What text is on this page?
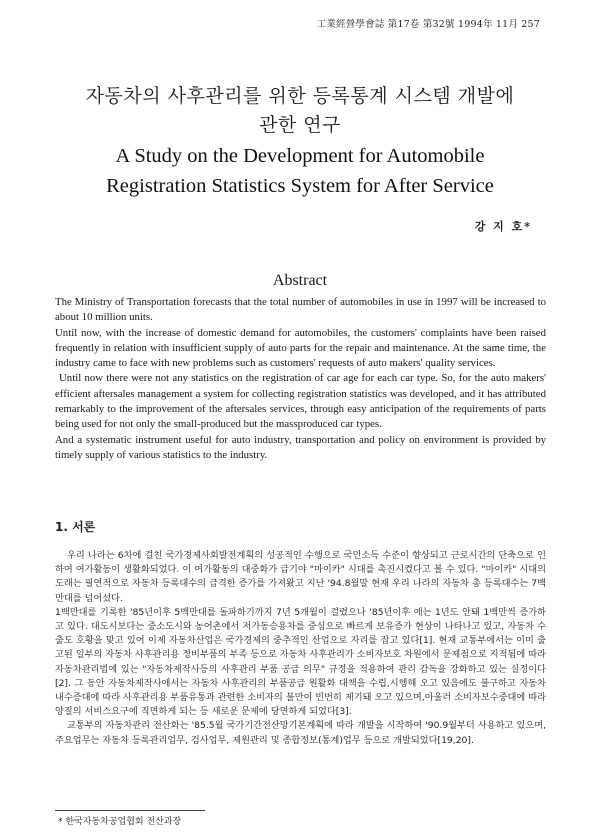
工業經營學會誌 第17卷 第32號 1994年 11月 257
자동차의 사후관리를 위한 등록통계 시스템 개발에
관한 연구
A Study on the Development for Automobile
Registration Statistics System for After Service
강 지 호*
Abstract

The Ministry of Transportation forecasts that the total number of automobiles in use in 1997 will be increased to about 10 million units.

Until now, with the increase of domestic demand for automobiles, the customers' complaints have been raised frequently in relation with insufficient supply of auto parts for the repair and maintenance. At the same time, the industry came to face with new problems such as customers' requests of auto makers' quality services.

Until now there were not any statistics on the registration of car age for each car type. So, for the auto makers' efficient aftersales management a system for collecting registration statistics was developed, and it has attributed remarkably to the improvement of the aftersales services, through easy anticipation of the requirements of parts being used for not only the small-produced but the massproduced car types.

And a systematic instrument useful for auto industry, transportation and policy on environment is provided by timely supply of various statistics to the industry.

1. 서론

우리 나라는 6차에 걸친 국가경제사회발전계획의 성공적인 수행으로 국민소득 수준이 향상되고 근로시간의 단축으로 인하여 여가활동이 생활화되었다. 이 여가활동의 대중화가 급기야 "마이카" 시대를 촉진시켰다고 볼 수 있다. "마이카" 시대의 도래는 필연적으로 자동차 등록대수의 급격한 증가를 가져왔고 지난 '94.8월말 현재 우리 나라의 자동차 총 등록대수는 7백만대를 넘어섰다.

1백만대를 기록한 '85년이후 5백만대를 돌파하기까지 7년 5개월이 걸렸으나 '85년이후 에는 1년도 안돼 1백만씩 증가하고 있다. 대도시보다는 중소도시와 농어촌에서 저가동승용차를 중심으로 빠르게 보유증가 현상이 나타나고 있고, 자동차 수출도 호황을 맞고 있어 이제 자동차산업은 국가경제의 중추적인 산업으로 자리를 잡고 있다[1]. 현재 교통부에서는 이미 출고된 일부의 자동차 사후관리용 정비부품의 부족 등으로 자동차 사후관리가 소비자보호 차원에서 문제점으로 지적됨에 따라 자동차관리법에 있는 "자동차제작사등의 사후관리 부품 공급 의무" 규정을 적용하여 관리 감독을 강화하고 있는 실정이다[2]. 그 동안 자동차제작사에서는 자동차 사후관리의 부품공급 원활화 대책을 수립,시행해 오고 있음에도 불구하고 자동차 내수증대에 따라 사후관리용 부품유통과 관련한 소비자의 불만이 빈번히 제기돼 오고 있으며,아울러 소비자보수중대에 따라 양질의 서비스요구에 직면하게 되는 등 새로운 문제에 당면하게 되었다[3].

교통부의 자동차관리 전산화는 '85.5월 국가기간전산망기본계획에 따라 개발을 시작하여 '90.9월부터 사용하고 있으며, 주요업무는 자동차 등록관리업무, 검사업무, 제원관리 및 종합정보(통계)업무 등으로 개발되었다[19,20].

* 한국자동차공업협회 전산과장
